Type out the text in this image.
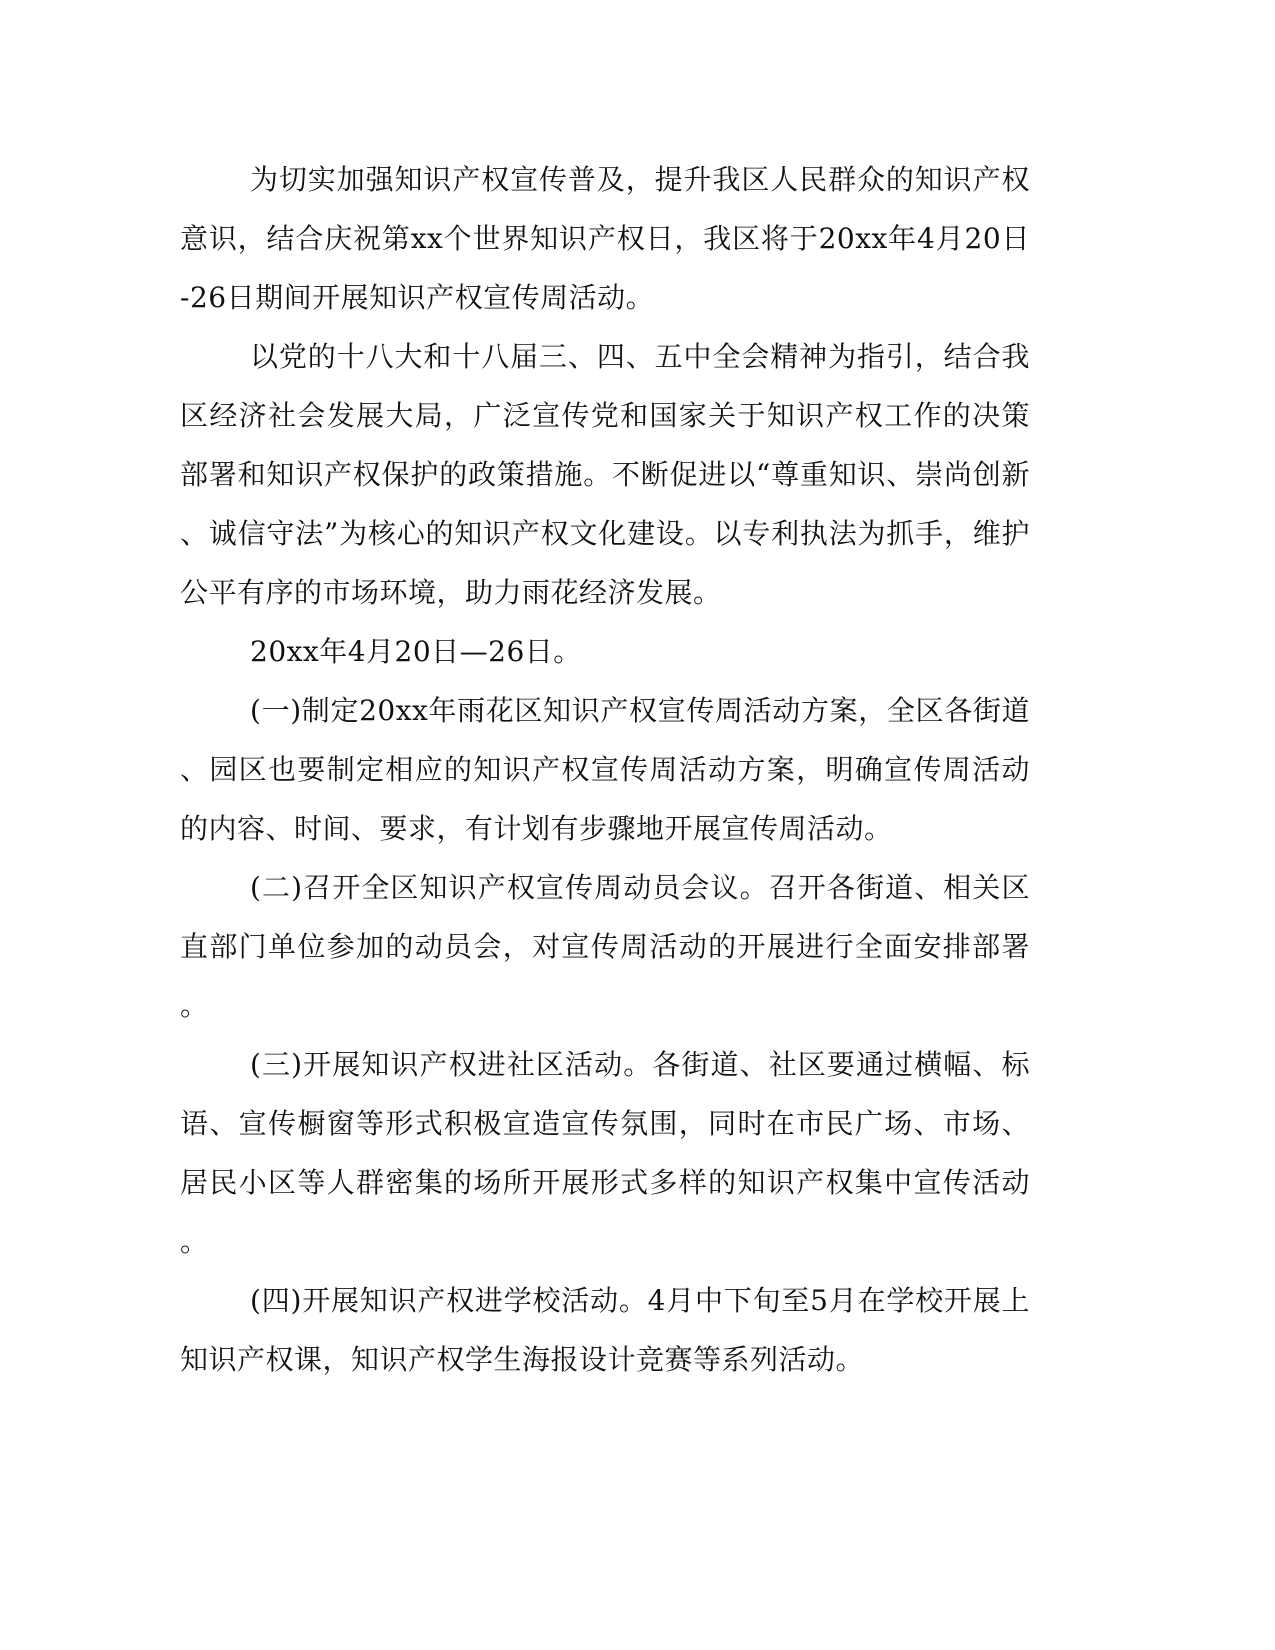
为切实加强知识产权宣传普及，提升我区人民群众的知识产权意识，结合庆祝第xx个世界知识产权日，我区将于20xx年4月20日-26日期间开展知识产权宣传周活动。

以党的十八大和十八届三、四、五中全会精神为指引，结合我区经济社会发展大局，广泛宣传党和国家关于知识产权工作的决策部署和知识产权保护的政策措施。不断促进以“尊重知识、崇尚创新、诚信守法”为核心的知识产权文化建设。以专利执法为抓手，维护公平有序的市场环境，助力雨花经济发展。

20xx年4月20日—26日。

(一)制定20xx年雨花区知识产权宣传周活动方案，全区各街道、园区也要制定相应的知识产权宣传周活动方案，明确宣传周活动的内容、时间、要求，有计划有步骤地开展宣传周活动。

(二)召开全区知识产权宣传周动员会议。召开各街道、相关区直部门单位参加的动员会，对宣传周活动的开展进行全面安排部署。

(三)开展知识产权进社区活动。各街道、社区要通过横幅、标语、宣传橱窗等形式积极宣造宣传氛围，同时在市民广场、市场、居民小区等人群密集的场所开展形式多样的知识产权集中宣传活动。

(四)开展知识产权进学校活动。4月中下旬至5月在学校开展上知识产权课，知识产权学生海报设计竞赛等系列活动。
